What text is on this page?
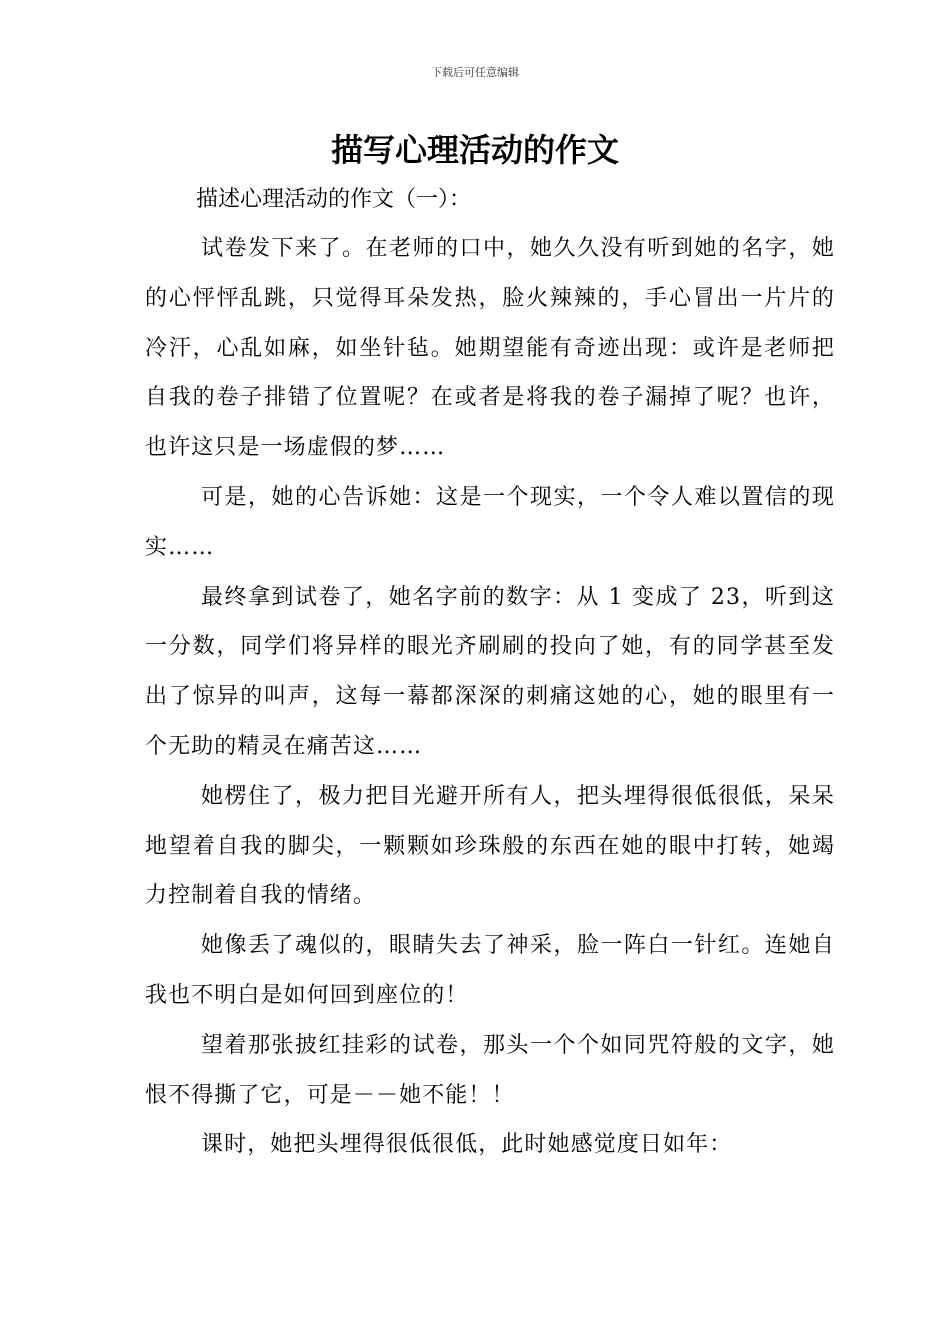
下载后可任意编辑
描写心理活动的作文

描述心理活动的作文（一）：

试卷发下来了。在老师的口中，她久久没有听到她的名字，她的心怦怦乱跳，只觉得耳朵发热，脸火辣辣的，手心冒出一片片的冷汗，心乱如麻，如坐针毡。她期望能有奇迹出现：或许是老师把自我的卷子排错了位置呢？在或者是将我的卷子漏掉了呢？也许，也许这只是一场虚假的梦……

可是，她的心告诉她：这是一个现实，一个令人难以置信的现实……

最终拿到试卷了，她名字前的数字：从 1 变成了 23，听到这一分数，同学们将异样的眼光齐刷刷的投向了她，有的同学甚至发出了惊异的叫声，这每一幕都深深的刺痛这她的心，她的眼里有一个无助的精灵在痛苦这……

她楞住了，极力把目光避开所有人，把头埋得很低很低，呆呆地望着自我的脚尖，一颗颗如珍珠般的东西在她的眼中打转，她竭力控制着自我的情绪。

她像丢了魂似的，眼睛失去了神采，脸一阵白一针红。连她自我也不明白是如何回到座位的！

望着那张披红挂彩的试卷，那头一个个如同咒符般的文字，她恨不得撕了它，可是－－她不能！！

课时，她把头埋得很低很低，此时她感觉度日如年：
